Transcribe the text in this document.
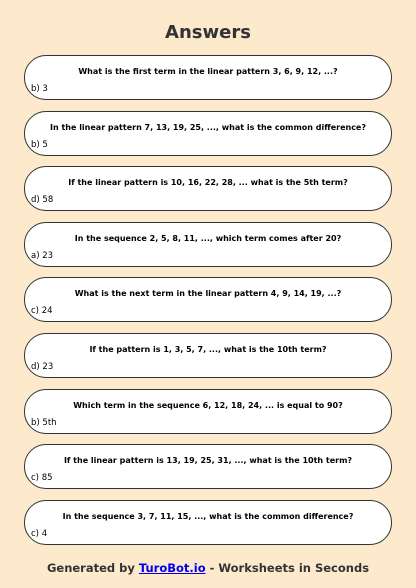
Answers
What is the first term in the linear pattern 3, 6, 9, 12, ...?
b) 3
In the linear pattern 7, 13, 19, 25, ..., what is the common difference?
b) 5
If the linear pattern is 10, 16, 22, 28, ... what is the 5th term?
d) 58
In the sequence 2, 5, 8, 11, ..., which term comes after 20?
a) 23
What is the next term in the linear pattern 4, 9, 14, 19, ...?
c) 24
If the pattern is 1, 3, 5, 7, ..., what is the 10th term?
d) 23
Which term in the sequence 6, 12, 18, 24, ... is equal to 90?
b) 5th
If the linear pattern is 13, 19, 25, 31, ..., what is the 10th term?
c) 85
In the sequence 3, 7, 11, 15, ..., what is the common difference?
c) 4
Generated by TuroBot.io - Worksheets in Seconds
